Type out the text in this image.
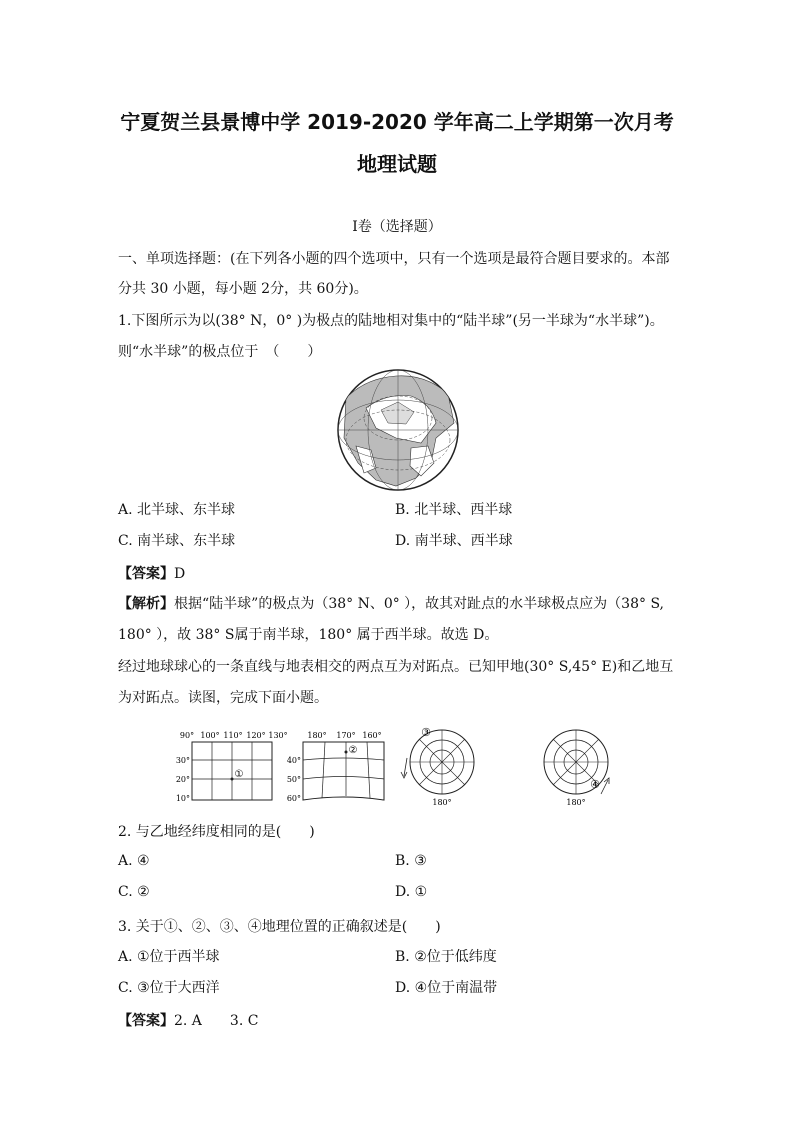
宁夏贺兰县景博中学 2019-2020 学年高二上学期第一次月考
地理试题
I卷（选择题）
一、单项选择题：(在下列各小题的四个选项中，只有一个选项是最符合题目要求的。本部
分共 30 小题，每小题 2分，共 60分)。
1.下图所示为以(38° N，0° )为极点的陆地相对集中的“陆半球”(另一半球为“水半球”)。
则“水半球”的极点位于　（　　）
A. 北半球、东半球	B. 北半球、西半球
C. 南半球、东半球	D. 南半球、西半球
【答案】D
【解析】根据“陆半球”的极点为（38° N、0° ），故其对趾点的水半球极点应为（38° S,
180° ），故 38° S属于南半球，180° 属于西半球。故选 D。
经过地球球心的一条直线与地表相交的两点互为对跖点。已知甲地(30° S,45° E)和乙地互
为对跖点。读图，完成下面小题。
90° 100° 110° 120° 130°
30°
20°
10°
①
180° 170° 160°
40°
50°
60°
②
③
180°
④
180°
2. 与乙地经纬度相同的是(　　)
A. ④	B. ③
C. ②	D. ①
3. 关于①、②、③、④地理位置的正确叙述是(　　)
A. ①位于西半球	B. ②位于低纬度
C. ③位于大西洋	D. ④位于南温带
【答案】2. A　　3. C
